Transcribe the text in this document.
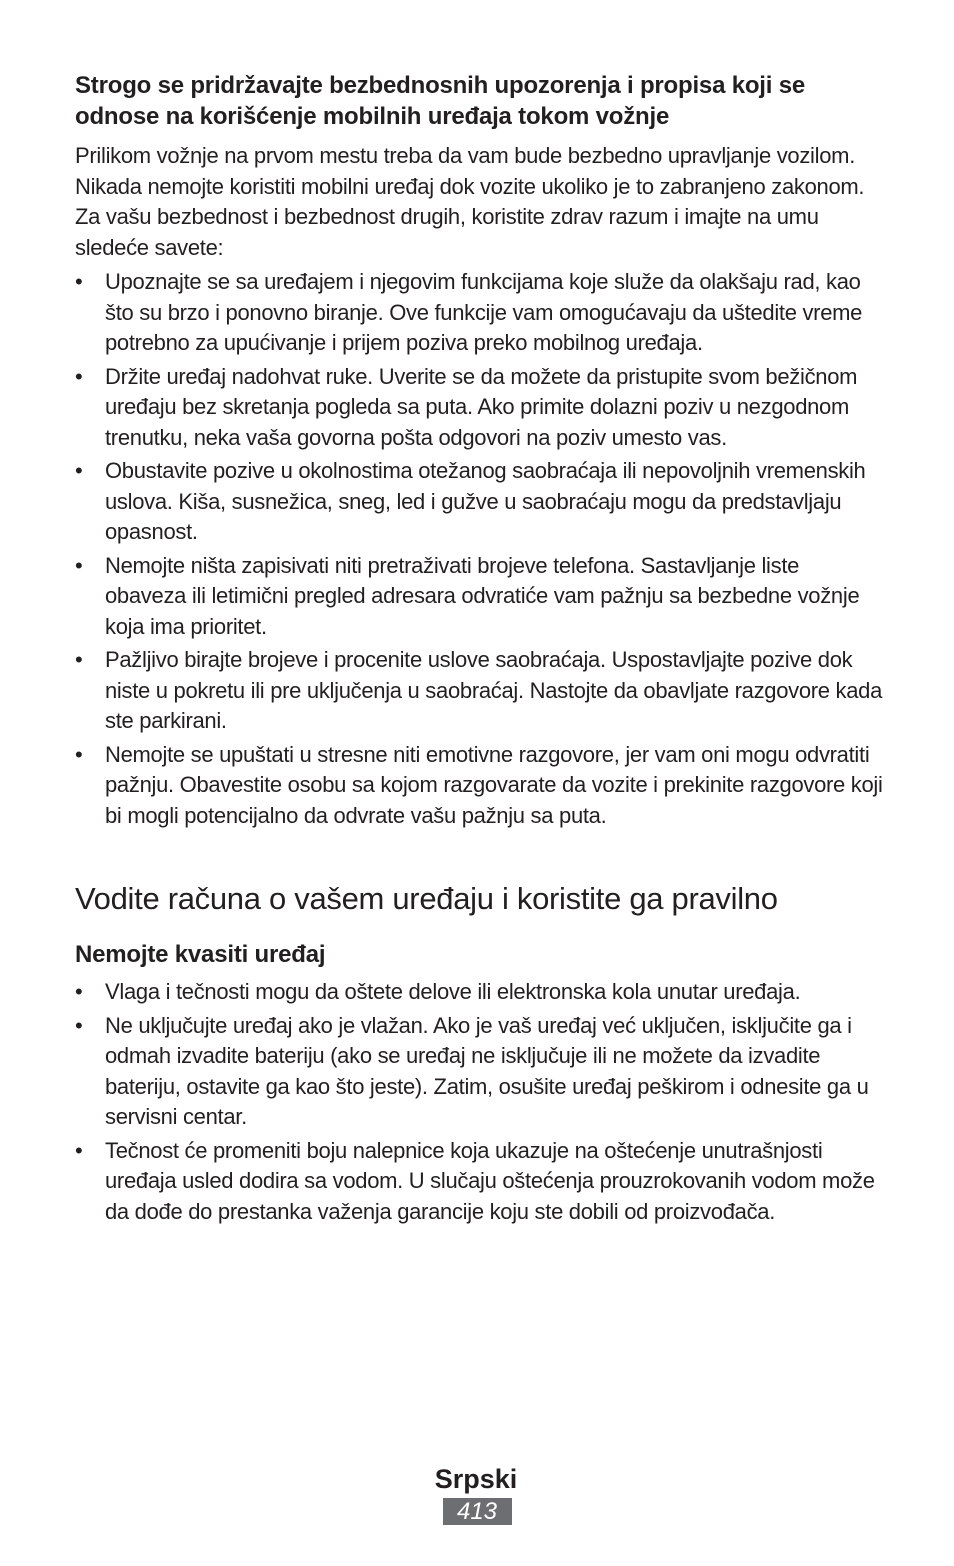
Strogo se pridržavajte bezbednosnih upozorenja i propisa koji se odnose na korišćenje mobilnih uređaja tokom vožnje

Prilikom vožnje na prvom mestu treba da vam bude bezbedno upravljanje vozilom. Nikada nemojte koristiti mobilni uređaj dok vozite ukoliko je to zabranjeno zakonom. Za vašu bezbednost i bezbednost drugih, koristite zdrav razum i imajte na umu sledeće savete:

•	Upoznajte se sa uređajem i njegovim funkcijama koje služe da olakšaju rad, kao što su brzo i ponovno biranje. Ove funkcije vam omogućavaju da uštedite vreme potrebno za upućivanje i prijem poziva preko mobilnog uređaja.
•	Držite uređaj nadohvat ruke. Uverite se da možete da pristupite svom bežičnom uređaju bez skretanja pogleda sa puta. Ako primite dolazni poziv u nezgodnom trenutku, neka vaša govorna pošta odgovori na poziv umesto vas.
•	Obustavite pozive u okolnostima otežanog saobraćaja ili nepovoljnih vremenskih uslova. Kiša, susnežica, sneg, led i gužve u saobraćaju mogu da predstavljaju opasnost.
•	Nemojte ništa zapisivati niti pretraživati brojeve telefona. Sastavljanje liste obaveza ili letimični pregled adresara odvratiće vam pažnju sa bezbedne vožnje koja ima prioritet.
•	Pažljivo birajte brojeve i procenite uslove saobraćaja. Uspostavljajte pozive dok niste u pokretu ili pre uključenja u saobraćaj. Nastojte da obavljate razgovore kada ste parkirani.
•	Nemojte se upuštati u stresne niti emotivne razgovore, jer vam oni mogu odvratiti pažnju. Obavestite osobu sa kojom razgovarate da vozite i prekinite razgovore koji bi mogli potencijalno da odvrate vašu pažnju sa puta.
Vodite računa o vašem uređaju i koristite ga pravilno
Nemojte kvasiti uređaj
•	Vlaga i tečnosti mogu da oštete delove ili elektronska kola unutar uređaja.
•	Ne uključujte uređaj ako je vlažan. Ako je vaš uređaj već uključen, isključite ga i odmah izvadite bateriju (ako se uređaj ne isključuje ili ne možete da izvadite bateriju, ostavite ga kao što jeste). Zatim, osušite uređaj peškirom i odnesite ga u servisni centar.
•	Tečnost će promeniti boju nalepnice koja ukazuje na oštećenje unutrašnjosti uređaja usled dodira sa vodom. U slučaju oštećenja prouzrokovanih vodom može da dođe do prestanka važenja garancije koju ste dobili od proizvođača.
Srpski
413
